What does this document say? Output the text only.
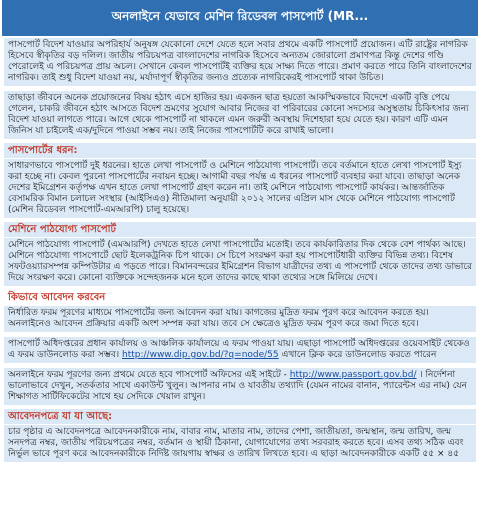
অনলাইনে যেভাবে মেশিন রিডেবল পাসপোর্ট (MR...
পাসপোর্ট বিদেশ যাওয়ার অপরিহার্য অনুষঙ্গ যেকোনো দেশে যেতে হলে সবার প্রথমে একটি পাসপোর্ট প্রয়োজন। এটি রাষ্ট্রের নাগরিক হিসেবে স্বীকৃতির বড় দলিল। জাতীয় পরিচয়পত্র বাংলাদেশের নাগরিক হিসেবে অন্যতম জোরালো প্রমাণপত্র কিন্তু দেশের গণ্ডি পেরোলেই এ পরিচয়পত্র প্রায় অচল। সেখানে কেবল পাসপোর্টই ব্যক্তির হয়ে সাক্ষ্য দিতে পারে। প্রমাণ করতে পারে তিনি বাংলাদেশের নাগরিক। তাই শুধু বিদেশ যাওয়া নয়, মর্যাদাপূর্ণ স্বীকৃতির জন্যও প্রত্যেক নাগরিকেরই পাসপোর্ট থাকা উচিত।
তাছাড়া জীবনে অনেক প্রয়োজনের বিষয় হঠাৎ এসে হাজির হয়। একজন ছাত্র হয়তো আকস্মিকভাবে বিদেশে একটি বৃত্তি পেয়ে গেলেন, চাকরি জীবনে হঠাৎ আসতে বিদেশ ভ্রমণের সুযোগ আবার নিজের বা পরিবারের কোনো সদস্যের অসুস্থতায় চিকিৎসার জন্য বিদেশ যাওয়া লাগতে পারে। আগে থেকে পাসপোর্ট না থাকলে এমন জরুরী অবস্থায় দিশেহারা হয়ে যেতে হয়। কারণ এটি এমন জিনিস যা চাইলেই এক/দুদিনে পাওয়া সম্ভব নয়। তাই নিজের পাসপোর্টটি করে রাখাই ভালো।
পাসপোর্টের ধরন:
সাধারণভাবে পাসপোর্ট দুই ধরনের। হাতে লেখা পাসপোর্ট ও মেশিনে পাঠযোগ্য পাসপোর্ট। তবে বর্তমানে হাতে লেখা পাসপোর্ট ইস্যু করা হচ্ছে না। কেবল পুরনো পাসপোর্টের নবায়ন হচ্ছে। আগামী বছর পর্যন্ত এ ধরনের পাসপোর্ট ব্যবহার করা যাবে। তাছাড়া অনেক দেশের ইমিগ্রেশন কর্তৃপক্ষ এখন হাতে লেখা পাসপোর্ট গ্রহণ করেন না। তাই মেশিনে পাঠযোগ্য পাসপোর্ট কার্যকর। আন্তর্জাতিক বেসামরিক বিমান চলাচল সংস্থার (আইসিএও) নীতিমালা অনুযায়ী ২০১২ সালের এপ্রিল মাস থেকে মেশিনে পাঠযোগ্য পাসপোর্ট (মেশিন রিডেবল পাসপোর্ট-এমআরপি) চালু হয়েছে।
মেশিনে পাঠযোগ্য পাসপোর্ট
মেশিনে পাঠযোগ্য পাসপোর্ট (এমআরপি) দেখতে হাতে লেখা পাসপোর্টের মতোই। তবে কার্যকারিতার দিক থেকে বেশ পার্থক্য আছে। মেশিনে পাঠযোগ্য পাসপোর্টে ছোট ইলেকট্রনিক চিপ থাকে। সে চিপে সংরক্ষণ করা হয় পাসপোর্টধারী ব্যক্তির বিভিন্ন তথ্য। বিশেষ সফটওয়্যারসম্পন্ন কম্পিউটার এ পড়তে পারে। বিমানবন্দরের ইমিগ্রেশন বিভাগ যাত্রীদের তথ্য এ পাসপোর্ট থেকে তাদের তথ্য ডাভারে দিয়ে সংরক্ষণ করে। কোনো ব্যক্তিকে সন্দেহজনক মনে হলে তাদের কাছে থাকা তথ্যের সঙ্গে মিলিয়ে দেখে।
কিভাবে আবেদন করবেন
নির্ধারিত ফরম পূরণের মাধ্যমে পাসপোর্টের জন্য আবেদন করা যায়। কাগজের মুদ্রিত ফরম পূরণ করে আবেদন করতে হয়। অনলাইনেও আবেদন প্রক্রিয়ার একটি অংশ সম্পন্ন করা যায়। তবে সে ক্ষেত্রেও মুদ্রিত ফরম পূরণ করে জমা দিতে হবে।
পাসপোর্ট অধিদপ্তরের প্রধান কার্যালয় ও আঞ্চলিক কার্যালয়ে এ ফরম পাওয়া যায়। এছাড়া পাসপোর্ট অধিদপ্তরের ওয়েবসাইট থেকেও এ ফরম ডাউনলোড করা সম্ভব। http://www.dip.gov.bd/?q=node/55 এখানে ক্লিক করে ডাউনলোড করতে পারেন
অনলাইনে ফরম পূরণের জন্য প্রথমে যেতে হবে পাসপোর্ট অফিসের এই সাইটে - http://www.passport.gov.bd/ । নির্দেশনা ভালোভাবে দেখুন, সতর্কতার সাথে একাউন্ট খুলুন। আপনার নাম ও যাবতীয় তথ্যাদি (যেমন নামের বানান, প্যারেন্টস এর নাম) যেন শিক্ষাগত সার্টিফিকেটের সাথে হয় সেদিকে খেয়াল রাখুন।
আবেদনপত্রে যা যা আছে:
চার পৃষ্ঠার এ আবেদনপত্রে আবেদনকারীকে নাম, বাবার নাম, মাতার নাম, তাদের পেশা, জাতীয়তা, জন্মস্থান, জন্ম তারিখ, জন্ম সনদপত্র নম্বর, জাতীয় পরিচয়পত্রের নম্বর, বর্তমান ও স্থায়ী ঠিকানা, যোগাযোগের তথ্য সরবরাহ করতে হবে। এসব তথ্য সঠিক এবং নির্ভুল ভাবে পূরণ করে আবেদনকারীকে নির্দিষ্ট জায়গায় স্বাক্ষর ও তারিখ লিখতে হবে। এ ছাড়া আবেদনকারীকে একটি ৫৫ × ৪৫
